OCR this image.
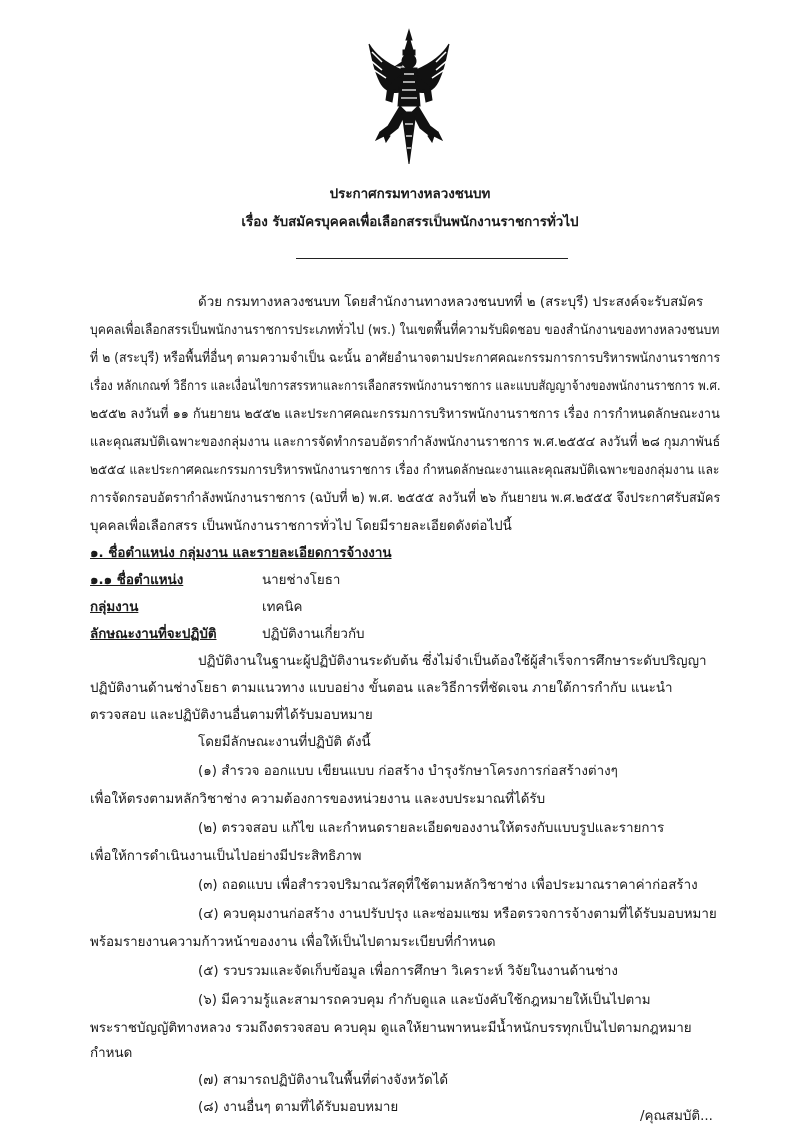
ประกาศกรมทางหลวงชนบท
เรื่อง รับสมัครบุคคลเพื่อเลือกสรรเป็นพนักงานราชการทั่วไป
ด้วย กรมทางหลวงชนบท โดยสำนักงานทางหลวงชนบทที่ ๒ (สระบุรี) ประสงค์จะรับสมัคร
บุคคลเพื่อเลือกสรรเป็นพนักงานราชการประเภททั่วไป (พร.) ในเขตพื้นที่ความรับผิดชอบ ของสำนักงานของทางหลวงชนบท
ที่ ๒ (สระบุรี) หรือพื้นที่อื่นๆ ตามความจำเป็น ฉะนั้น อาศัยอำนาจตามประกาศคณะกรรมการการบริหารพนักงานราชการ
เรื่อง หลักเกณฑ์ วิธีการ และเงื่อนไขการสรรหาและการเลือกสรรพนักงานราชการ และแบบสัญญาจ้างของพนักงานราชการ พ.ศ.
๒๕๕๒ ลงวันที่ ๑๑ กันยายน ๒๕๕๒ และประกาศคณะกรรมการบริหารพนักงานราชการ เรื่อง การกำหนดลักษณะงาน
และคุณสมบัติเฉพาะของกลุ่มงาน และการจัดทำกรอบอัตรากำลังพนักงานราชการ พ.ศ.๒๕๕๔ ลงวันที่ ๒๘ กุมภาพันธ์
๒๕๕๔ และประกาศคณะกรรมการบริหารพนักงานราชการ เรื่อง กำหนดลักษณะงานและคุณสมบัติเฉพาะของกลุ่มงาน และ
การจัดกรอบอัตรากำลังพนักงานราชการ (ฉบับที่ ๒) พ.ศ. ๒๕๕๕ ลงวันที่ ๒๖ กันยายน พ.ศ.๒๕๕๕ จึงประกาศรับสมัคร
บุคคลเพื่อเลือกสรร เป็นพนักงานราชการทั่วไป โดยมีรายละเอียดดังต่อไปนี้
๑. ชื่อตำแหน่ง กลุ่มงาน และรายละเอียดการจ้างงาน
๑.๑ ชื่อตำแหน่ง	นายช่างโยธา
กลุ่มงาน	เทคนิค
ลักษณะงานที่จะปฏิบัติ	ปฏิบัติงานเกี่ยวกับ
ปฏิบัติงานในฐานะผู้ปฏิบัติงานระดับต้น ซึ่งไม่จำเป็นต้องใช้ผู้สำเร็จการศึกษาระดับปริญญา
ปฏิบัติงานด้านช่างโยธา ตามแนวทาง แบบอย่าง ขั้นตอน และวิธีการที่ชัดเจน ภายใต้การกำกับ แนะนำ
ตรวจสอบ และปฏิบัติงานอื่นตามที่ได้รับมอบหมาย
โดยมีลักษณะงานที่ปฏิบัติ ดังนี้
(๑) สำรวจ ออกแบบ เขียนแบบ ก่อสร้าง บำรุงรักษาโครงการก่อสร้างต่างๆ
เพื่อให้ตรงตามหลักวิชาช่าง ความต้องการของหน่วยงาน และงบประมาณที่ได้รับ
(๒) ตรวจสอบ แก้ไข และกำหนดรายละเอียดของงานให้ตรงกับแบบรูปและรายการ
เพื่อให้การดำเนินงานเป็นไปอย่างมีประสิทธิภาพ
(๓) ถอดแบบ เพื่อสำรวจปริมาณวัสดุที่ใช้ตามหลักวิชาช่าง เพื่อประมาณราคาค่าก่อสร้าง
(๔) ควบคุมงานก่อสร้าง งานปรับปรุง และซ่อมแซม หรือตรวจการจ้างตามที่ได้รับมอบหมาย
พร้อมรายงานความก้าวหน้าของงาน เพื่อให้เป็นไปตามระเบียบที่กำหนด
(๕) รวบรวมและจัดเก็บข้อมูล เพื่อการศึกษา วิเคราะห์ วิจัยในงานด้านช่าง
(๖) มีความรู้และสามารถควบคุม กำกับดูแล และบังคับใช้กฎหมายให้เป็นไปตาม
พระราชบัญญัติทางหลวง รวมถึงตรวจสอบ ควบคุม ดูแลให้ยานพาหนะมีน้ำหนักบรรทุกเป็นไปตามกฎหมาย
กำหนด
(๗) สามารถปฏิบัติงานในพื้นที่ต่างจังหวัดได้
(๘) งานอื่นๆ ตามที่ได้รับมอบหมาย
/คุณสมบัติ...
